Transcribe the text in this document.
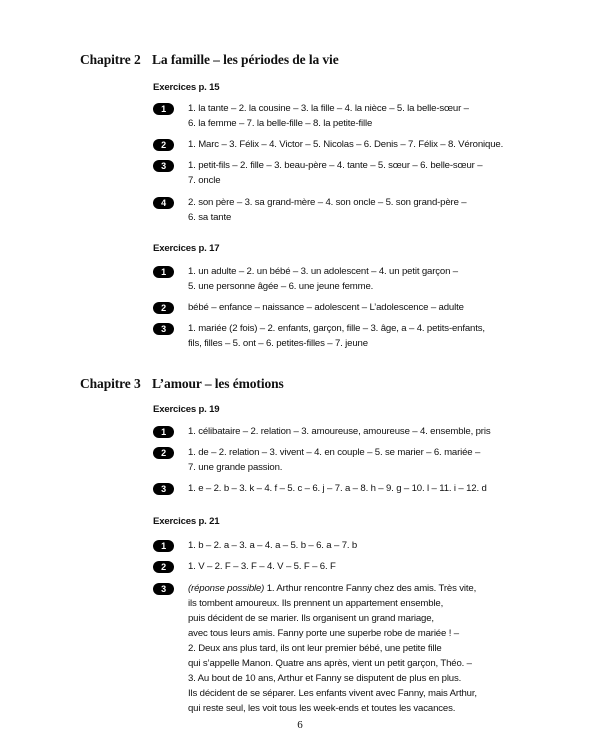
Chapitre 2 La famille – les périodes de la vie
Exercices p. 15
1	1. la tante – 2. la cousine – 3. la fille – 4. la nièce – 5. la belle-sœur –
6. la femme – 7. la belle-fille – 8. la petite-fille
2	1. Marc – 3. Félix – 4. Victor – 5. Nicolas – 6. Denis – 7. Félix – 8. Véronique.
3	1. petit-fils – 2. fille – 3. beau-père – 4. tante – 5. sœur – 6. belle-sœur –
7. oncle
4	2. son père – 3. sa grand-mère – 4. son oncle – 5. son grand-père –
6. sa tante
Exercices p. 17
1	1. un adulte – 2. un bébé – 3. un adolescent – 4. un petit garçon –
5. une personne âgée – 6. une jeune femme.
2	bébé – enfance – naissance – adolescent – L’adolescence – adulte
3	1. mariée (2 fois) – 2. enfants, garçon, fille – 3. âge, a – 4. petits-enfants,
fils, filles – 5. ont – 6. petites-filles – 7. jeune
Chapitre 3 L’amour – les émotions
Exercices p. 19
1	1. célibataire – 2. relation – 3. amoureuse, amoureuse – 4. ensemble, pris
2	1. de – 2. relation – 3. vivent – 4. en couple – 5. se marier – 6. mariée –
7. une grande passion.
3	1. e – 2. b – 3. k – 4. f – 5. c – 6. j – 7. a – 8. h – 9. g – 10. l – 11. i – 12. d
Exercices p. 21
1	1. b – 2. a – 3. a – 4. a – 5. b – 6. a – 7. b
2	1. V – 2. F – 3. F – 4. V – 5. F – 6. F
3	(réponse possible) 1. Arthur rencontre Fanny chez des amis. Très vite,
ils tombent amoureux. Ils prennent un appartement ensemble,
puis décident de se marier. Ils organisent un grand mariage,
avec tous leurs amis. Fanny porte une superbe robe de mariée ! –
2. Deux ans plus tard, ils ont leur premier bébé, une petite fille
qui s’appelle Manon. Quatre ans après, vient un petit garçon, Théo. –
3. Au bout de 10 ans, Arthur et Fanny se disputent de plus en plus.
Ils décident de se séparer. Les enfants vivent avec Fanny, mais Arthur,
qui reste seul, les voit tous les week-ends et toutes les vacances.
6
